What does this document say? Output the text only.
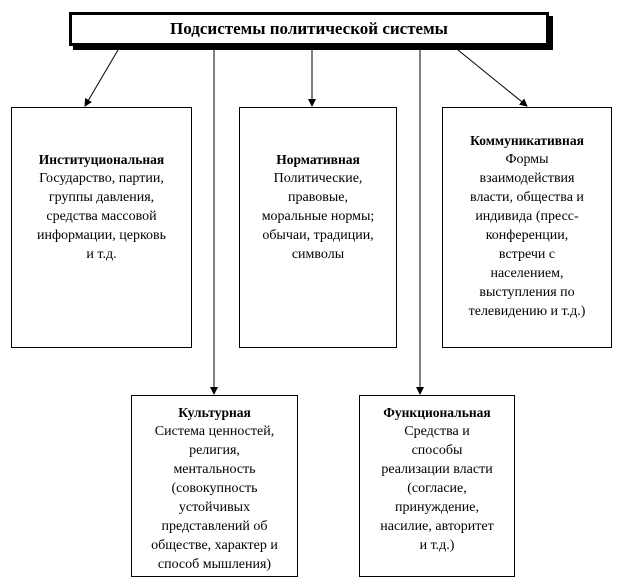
Подсистемы политической системы
Институциональная
Государство, партии,
группы давления,
средства массовой
информации, церковь
и т.д.
Нормативная
Политические,
правовые,
моральные нормы;
обычаи, традиции,
символы
Коммуникативная
Формы
взаимодействия
власти, общества и
индивида (пресс-
конференции,
встречи с
населением,
выступления по
телевидению и т.д.)
Культурная
Система ценностей,
религия,
ментальность
(совокупность
устойчивых
представлений об
обществе, характер и
способ мышления)
Функциональная
Средства и
способы
реализации власти
(согласие,
принуждение,
насилие, авторитет
и т.д.)
